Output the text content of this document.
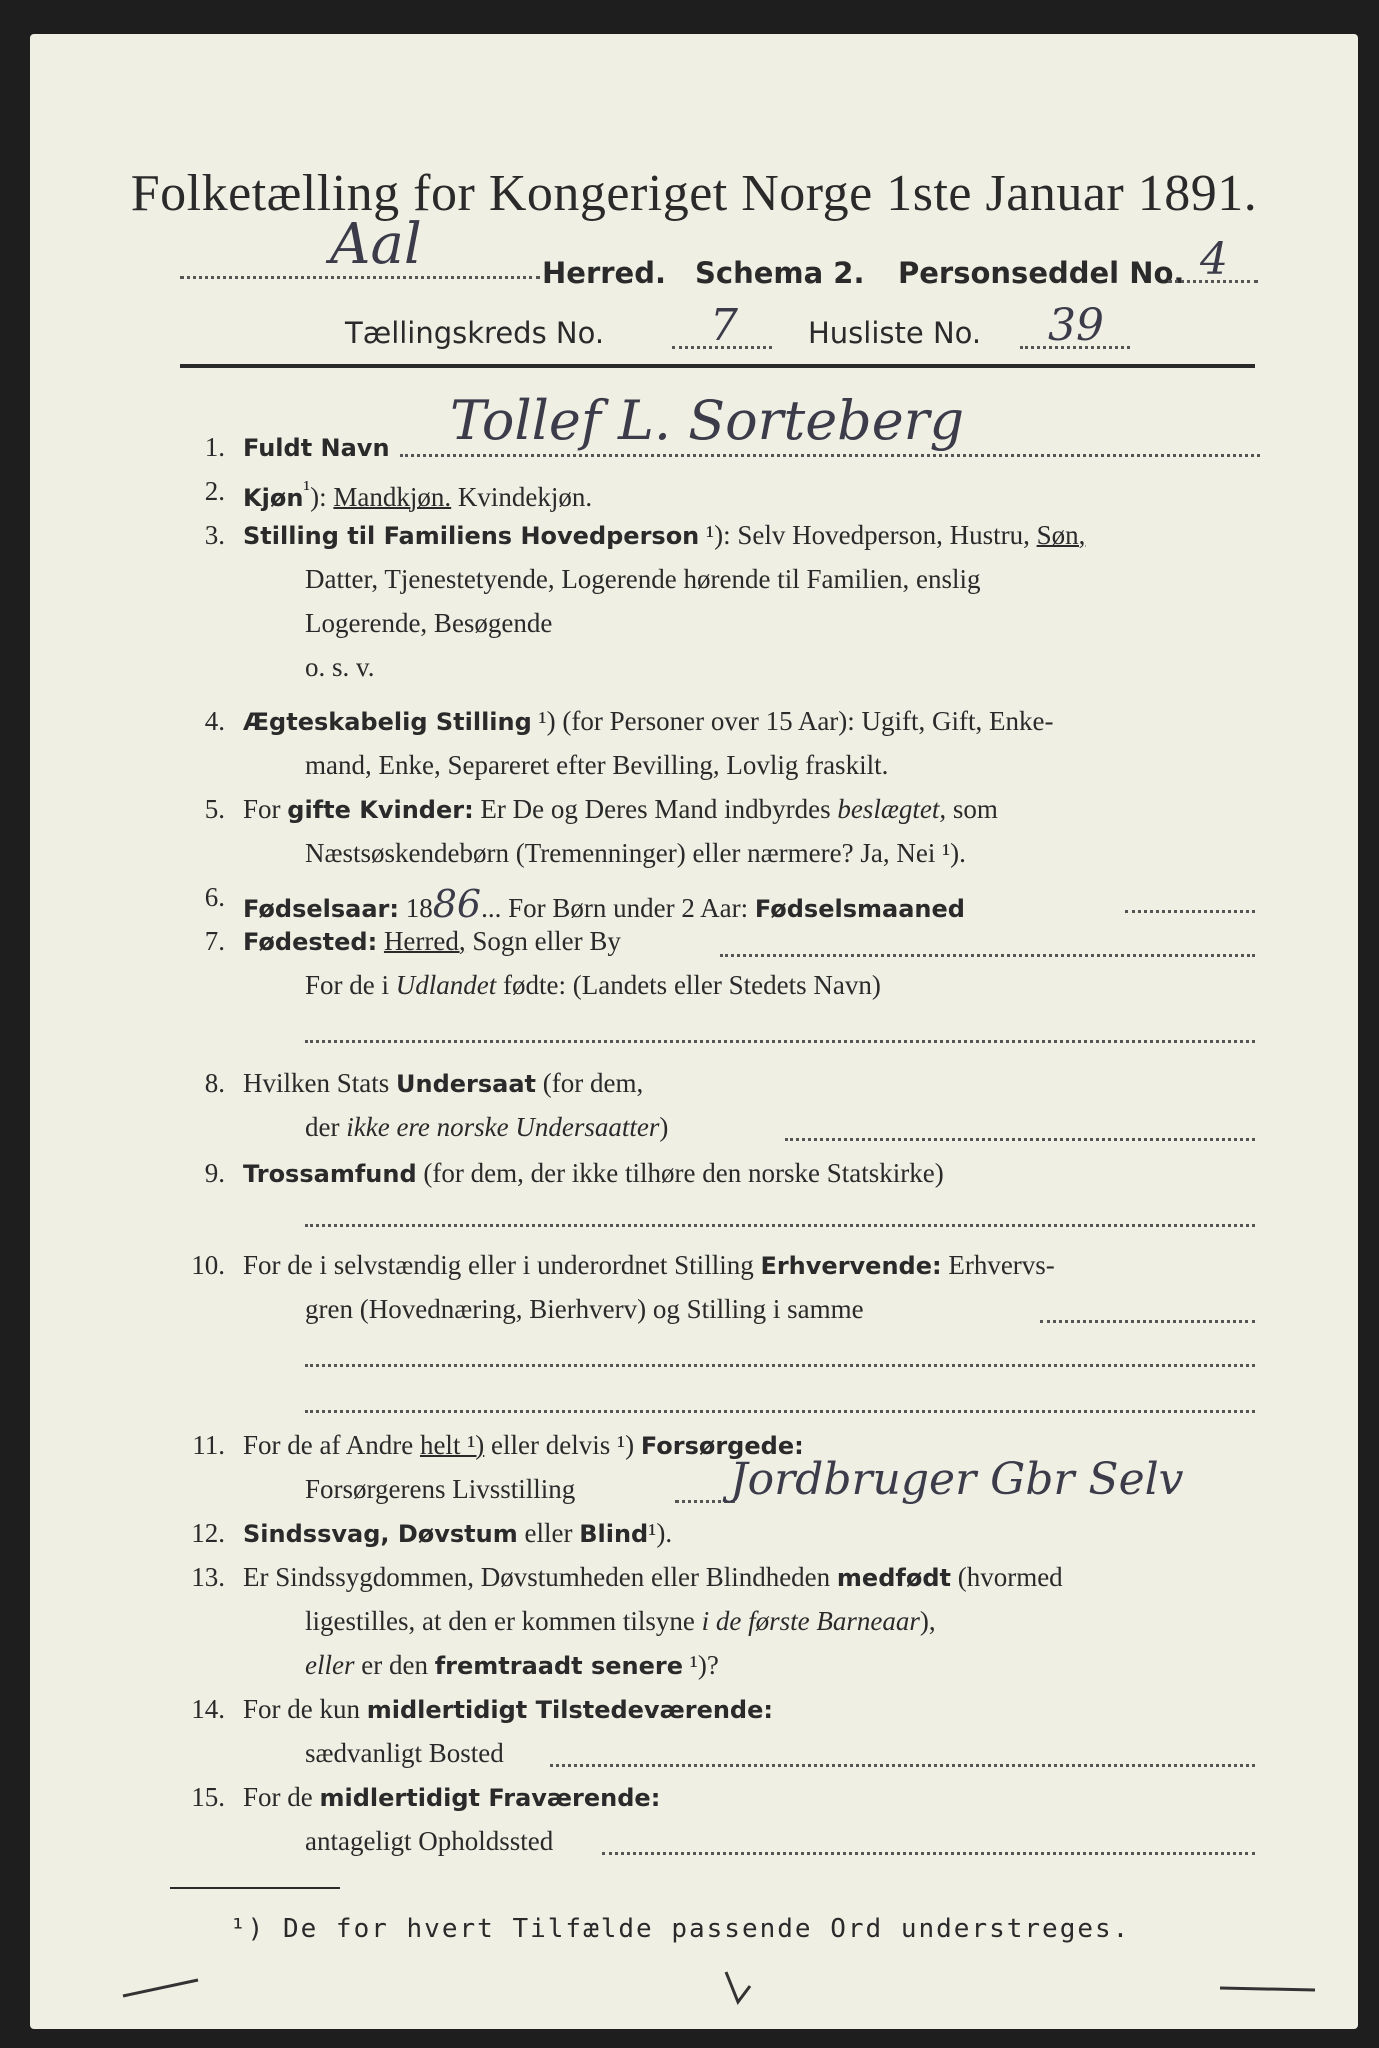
Folketælling for Kongeriget Norge 1ste Januar 1891.
Aal	Herred. Schema 2. Personseddel No. 4
Tællingskreds No. 7 Husliste No. 39
1. Fuldt Navn Tollef L. Sorteberg
2. Kjøn$^{^1}$): Mandkjøn. Kvindekjøn.
3. Stilling til Familiens Hovedperson ¹): Selv Hovedperson, Hustru, Søn,
Datter, Tjenestetyende, Logerende hørende til Familien, enslig
Logerende, Besøgende
o. s. v.
4. Ægteskabelig Stilling ¹) (for Personer over 15 Aar): Ugift, Gift, Enke-
mand, Enke, Separeret efter Bevilling, Lovlig fraskilt.
5. For gifte Kvinder: Er De og Deres Mand indbyrdes beslægtet, som
Næstsøskendebørn (Tremenninger) eller nærmere? Ja, Nei ¹).
6. Fødselsaar: 1886... For Børn under 2 Aar: Fødselsmaaned
7. Fødested: Herred, Sogn eller By
For de i Udlandet fødte: (Landets eller Stedets Navn)
8. Hvilken Stats Undersaat (for dem,
der ikke ere norske Undersaatter)
9. Trossamfund (for dem, der ikke tilhøre den norske Statskirke)
10. For de i selvstændig eller i underordnet Stilling Erhvervende: Erhvervs-
gren (Hovednæring, Bierhverv) og Stilling i samme
11. For de af Andre helt ¹) eller delvis ¹) Forsørgede:
Forsørgerens Livsstilling	Jordbruger Gbr Selv
12. Sindssvag, Døvstum eller Blind¹).
13. Er Sindssygdommen, Døvstumheden eller Blindheden medfødt (hvormed
ligestilles, at den er kommen tilsyne i de første Barneaar),
eller er den fremtraadt senere ¹)?
14. For de kun midlertidigt Tilstedeværende:
sædvanligt Bosted
15. For de midlertidigt Fraværende:
antageligt Opholdssted
¹) De for hvert Tilfælde passende Ord understreges.
